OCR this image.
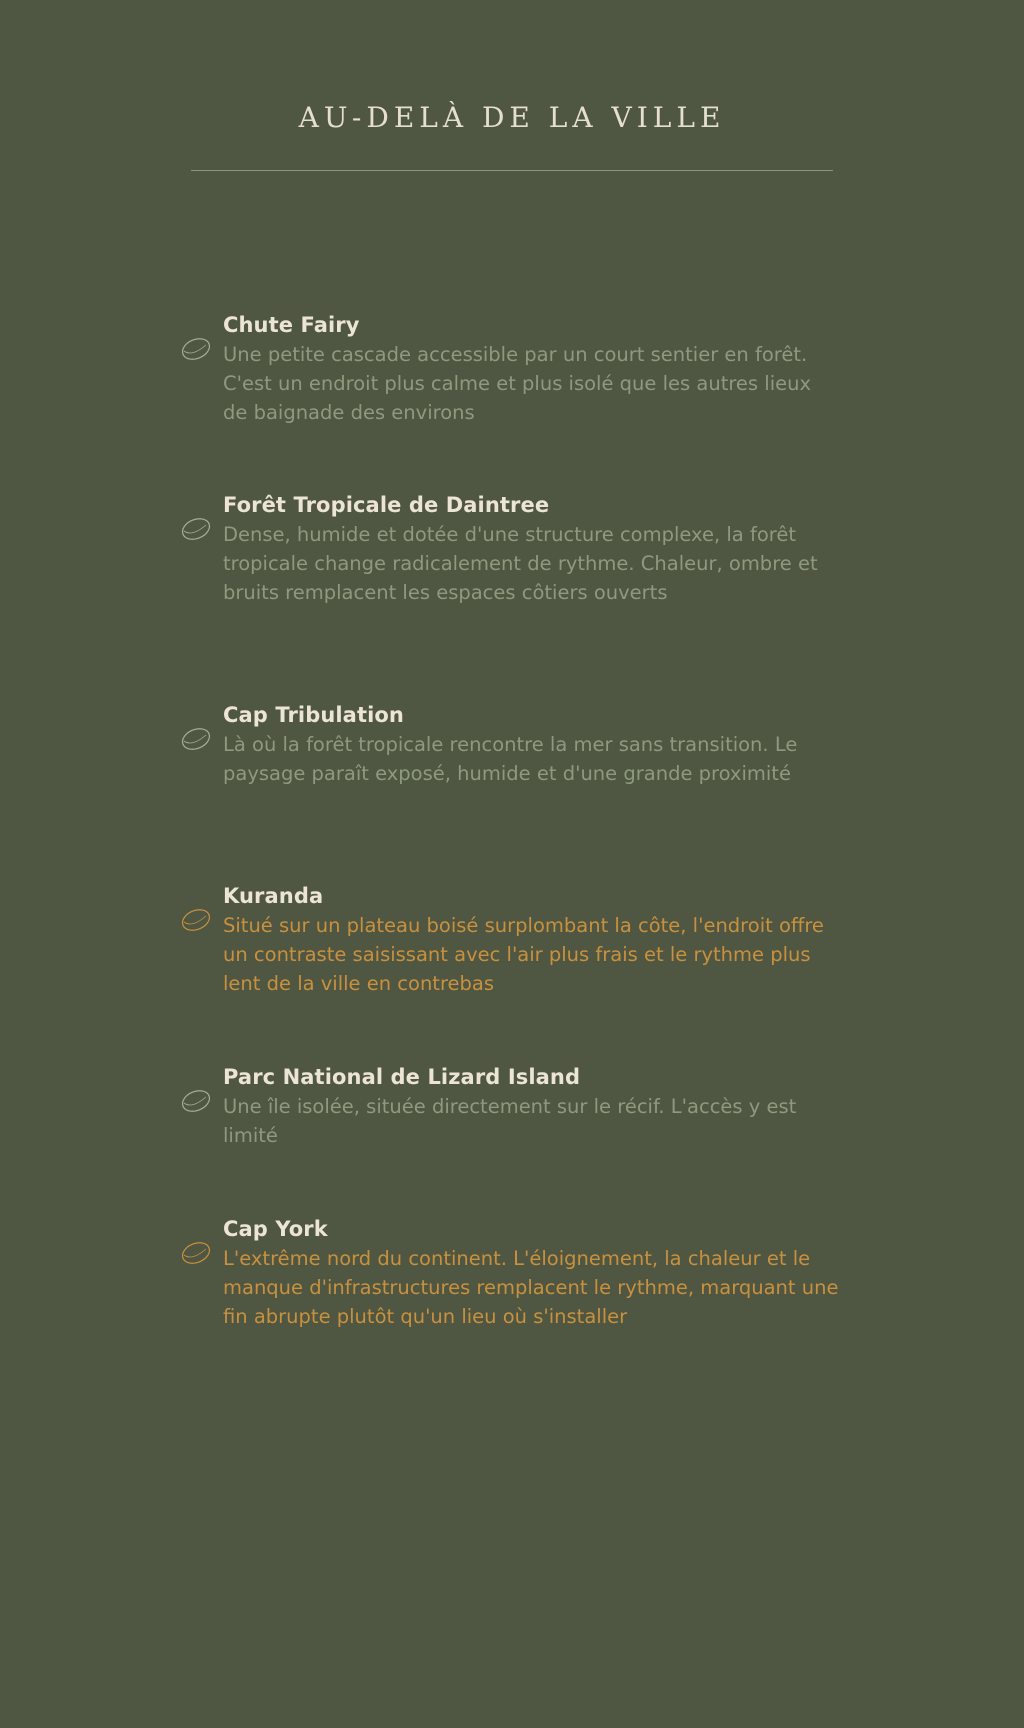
AU-DELÀ DE LA VILLE

Chute Fairy

Une petite cascade accessible par un court sentier en forêt. C'est un endroit plus calme et plus isolé que les autres lieux de baignade des environs

Forêt Tropicale de Daintree

Dense, humide et dotée d'une structure complexe, la forêt tropicale change radicalement de rythme. Chaleur, ombre et bruits remplacent les espaces côtiers ouverts

Cap Tribulation

Là où la forêt tropicale rencontre la mer sans transition. Le paysage paraît exposé, humide et d'une grande proximité

Kuranda

Situé sur un plateau boisé surplombant la côte, l'endroit offre un contraste saisissant avec l'air plus frais et le rythme plus lent de la ville en contrebas

Parc National de Lizard Island

Une île isolée, située directement sur le récif. L'accès y est limité

Cap York

L'extrême nord du continent. L'éloignement, la chaleur et le manque d'infrastructures remplacent le rythme, marquant une fin abrupte plutôt qu'un lieu où s'installer
